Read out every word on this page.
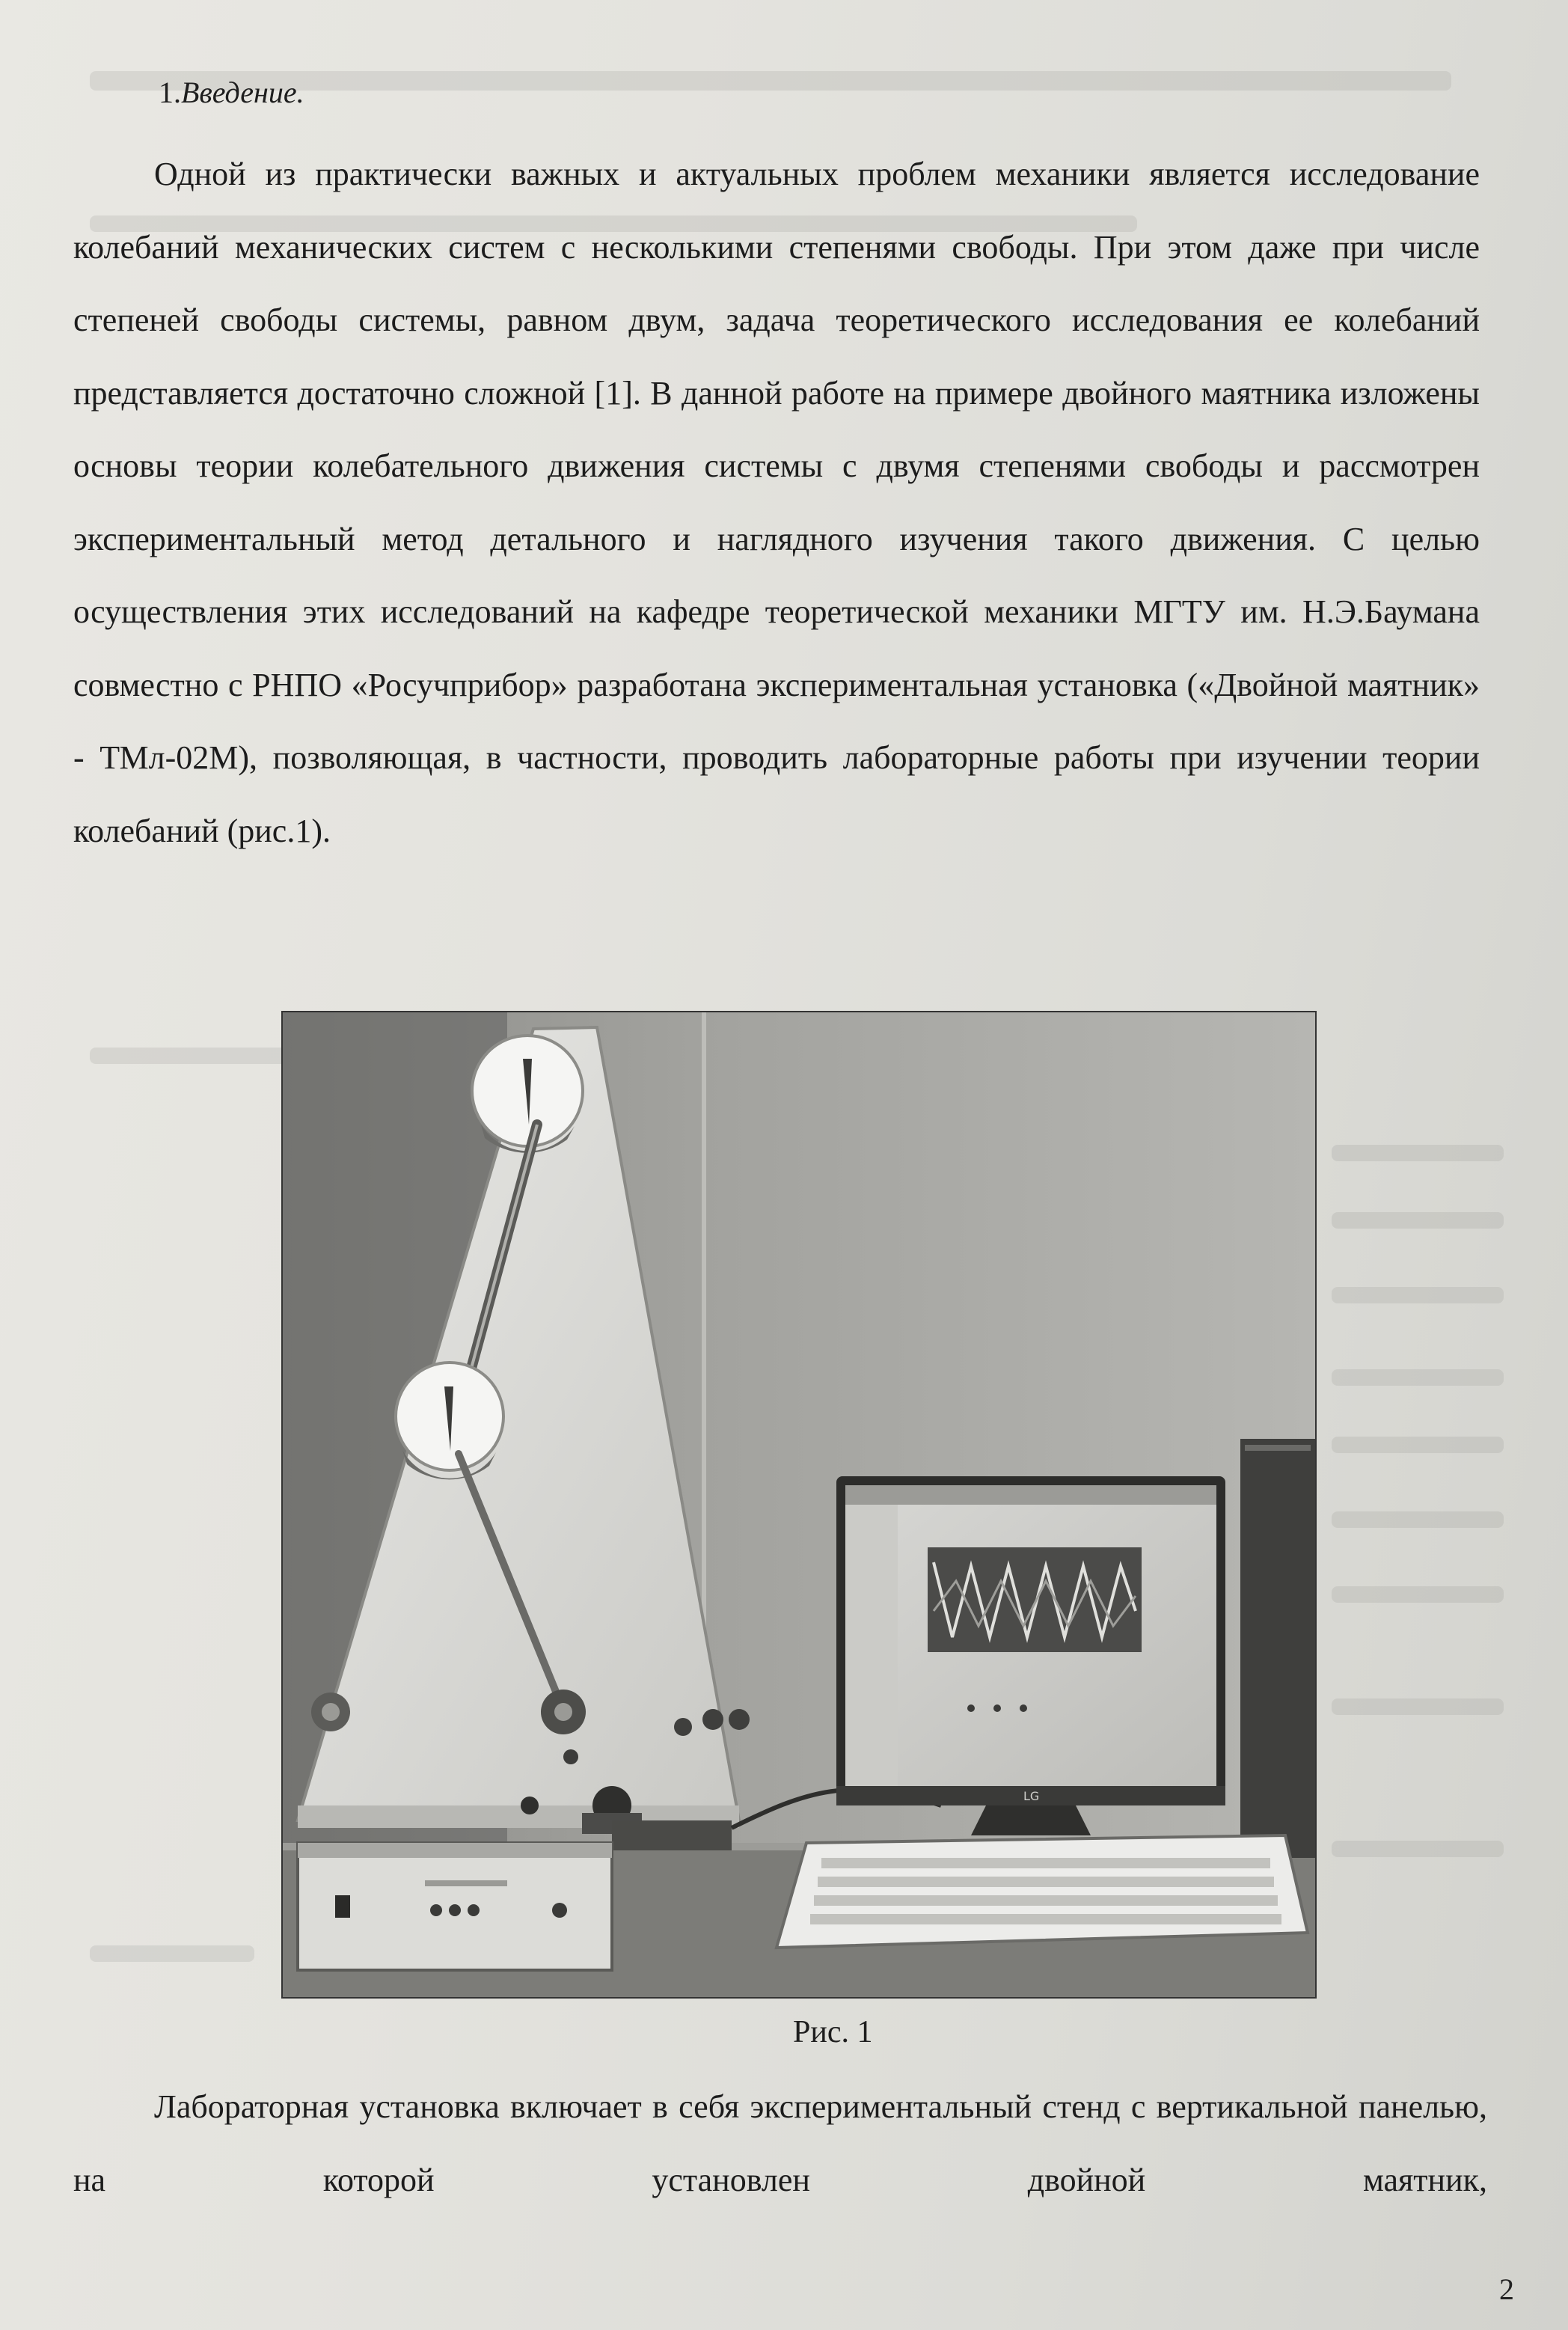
1.Введение.

Одной из практически важных и актуальных проблем механики является исследование колебаний механических систем с несколькими степенями свободы. При этом даже при числе степеней свободы системы, равном двум, задача теоретического исследования ее колебаний представляется достаточно сложной [1]. В данной работе на примере двойного маятника изложены основы теории колебательного движения системы с двумя степенями свободы и рассмотрен экспериментальный метод детального и наглядного изучения такого движения. С целью осуществления этих исследований на кафедре теоретической механики МГТУ им. Н.Э.Баумана совместно с РНПО «Росучприбор» разработана экспериментальная установка («Двойной маятник» - ТМл-02М), позволяющая, в частности, проводить лабораторные работы при изучении теории колебаний (рис.1).

LG
Рис. 1

Лабораторная установка включает в себя экспериментальный стенд с вертикальной панелью, на которой установлен двойной маятник,

2
